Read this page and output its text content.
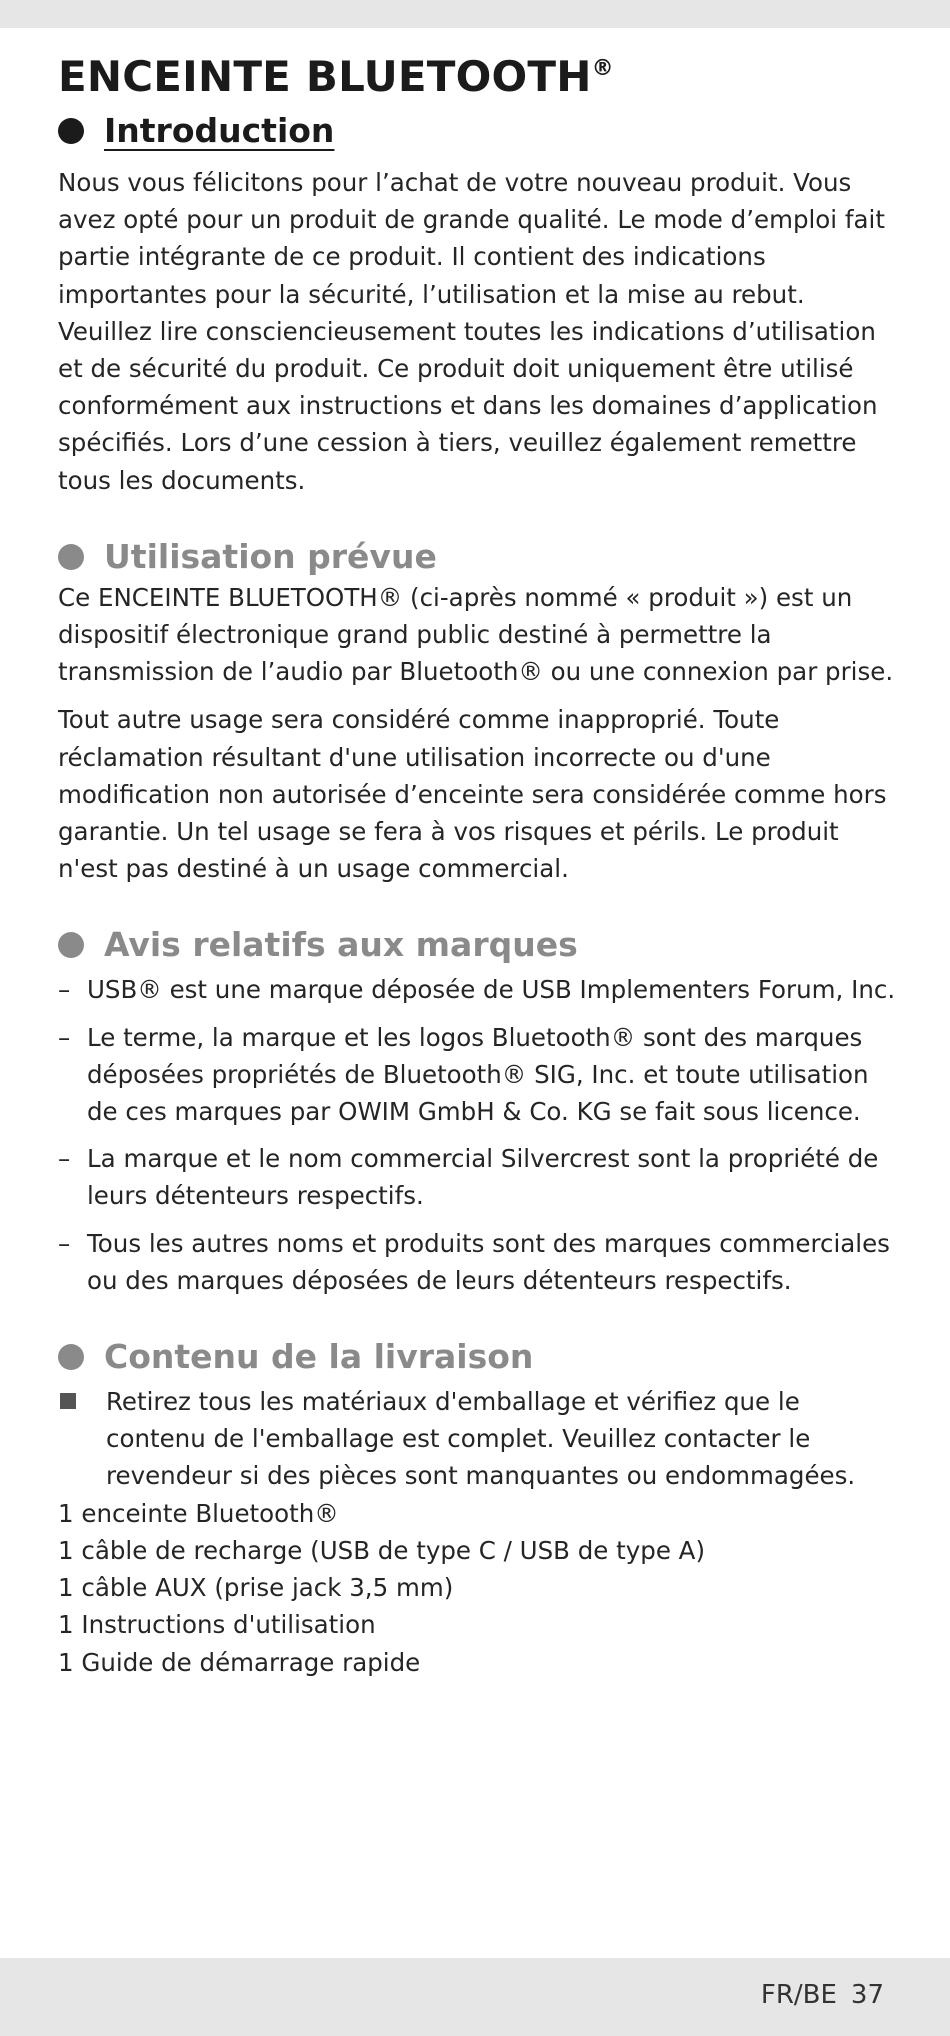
ENCEINTE BLUETOOTH®
Introduction

Nous vous félicitons pour l’achat de votre nouveau produit. Vous avez opté pour un produit de grande qualité. Le mode d’emploi fait partie intégrante de ce produit. Il contient des indications importantes pour la sécurité, l’utilisation et la mise au rebut. Veuillez lire consciencieusement toutes les indications d’utilisation et de sécurité du produit. Ce produit doit uniquement être utilisé conformément aux instructions et dans les domaines d’application spécifiés. Lors d’une cession à tiers, veuillez également remettre tous les documents.

Utilisation prévue

Ce ENCEINTE BLUETOOTH® (ci-après nommé « produit ») est un dispositif électronique grand public destiné à permettre la transmission de l’audio par Bluetooth® ou une connexion par prise.

Tout autre usage sera considéré comme inapproprié. Toute réclamation résultant d'une utilisation incorrecte ou d'une modification non autorisée d’enceinte sera considérée comme hors garantie. Un tel usage se fera à vos risques et périls. Le produit n'est pas destiné à un usage commercial.

Avis relatifs aux marques
– USB® est une marque déposée de USB Implementers Forum, Inc.
– Le terme, la marque et les logos Bluetooth® sont des marques déposées propriétés de Bluetooth® SIG, Inc. et toute utilisation de ces marques par OWIM GmbH & Co. KG se fait sous licence.
– La marque et le nom commercial Silvercrest sont la propriété de leurs détenteurs respectifs.
– Tous les autres noms et produits sont des marques commerciales ou des marques déposées de leurs détenteurs respectifs.
Contenu de la livraison
Retirez tous les matériaux d'emballage et vérifiez que le contenu de l'emballage est complet. Veuillez contacter le revendeur si des pièces sont manquantes ou endommagées.
1 enceinte Bluetooth®
1 câble de recharge (USB de type C / USB de type A)
1 câble AUX (prise jack 3,5 mm)
1 Instructions d'utilisation
1 Guide de démarrage rapide
FR/BE 37
